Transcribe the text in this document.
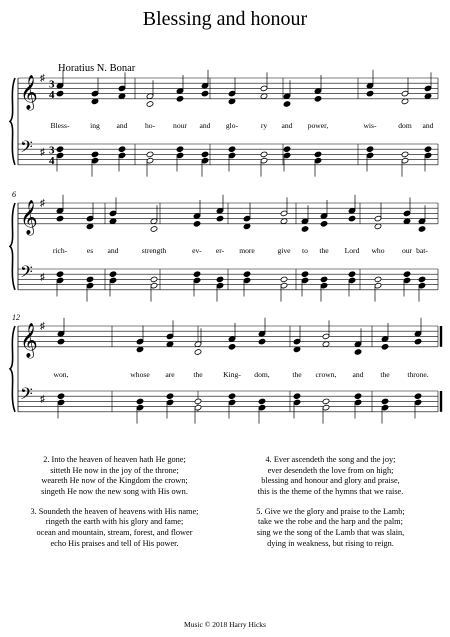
Blessing and honour
Horatius N. Bonar
𝄞 ♯ 3
4
𝄢 ♯ 3
4
𝄞 ♯
𝄢 ♯
6
𝄞 ♯
𝄢 ♯
12
Bless-	ing and ho- nour and glo-	ry and power,	wis-	dom and
rich-	es and	strength	ev- er- more	give to the Lord who our bat-
won,	whose are the	King- dom,	the crown, and the throne.
2. Into the heaven of heaven hath He gone;
sitteth He now in the joy of the throne;
weareth He now of the Kingdom the crown;
singeth He now the new song with His own.
3. Soundeth the heaven of heavens with His name;
ringeth the earth with his glory and fame;
ocean and mountain, stream, forest, and flower
echo His praises and tell of His power.
4. Ever ascendeth the song and the joy;
ever desendeth the love from on high;
blessing and honour and glory and praise,
this is the theme of the hymns that we raise.
5. Give we the glory and praise to the Lamb;
take we the robe and the harp and the palm;
sing we the song of the Lamb that was slain,
dying in weakness, but rising to reign.
Music © 2018 Harry Hicks
